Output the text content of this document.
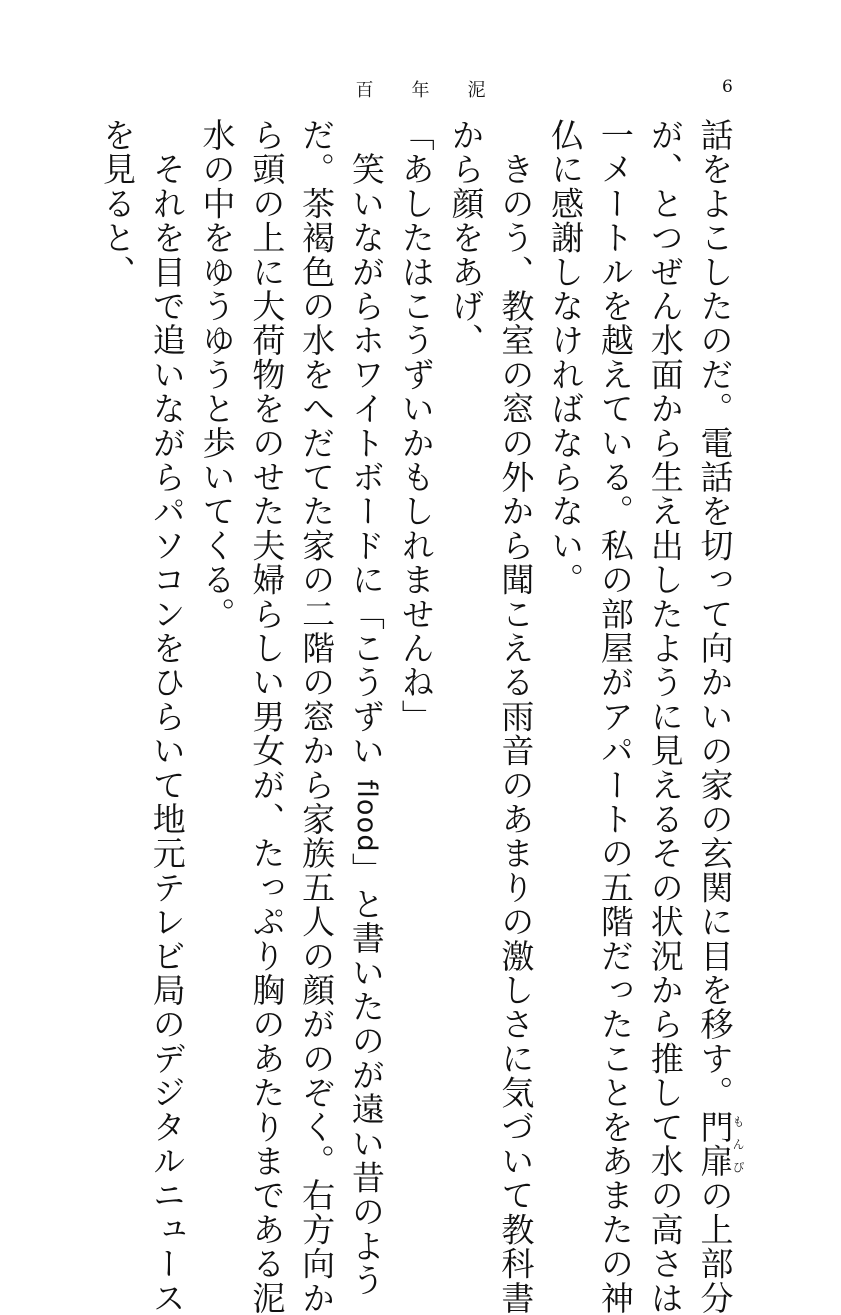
百年泥	6
話をよこしたのだ。電話を切って向かいの家の玄関に目を移す。門扉もんぴの上部分
が、とつぜん水面から生え出したように見えるその状況から推して水の高さは
一メートルを越えている。私の部屋がアパートの五階だったことをあまたの神
仏に感謝しなければならない。
　きのう、教室の窓の外から聞こえる雨音のあまりの激しさに気づいて教科書
から顔をあげ、
「あしたはこうずいかもしれませんね」
　笑いながらホワイトボードに「こうずい flood」と書いたのが遠い昔のよう
だ。茶褐色の水をへだてた家の二階の窓から家族五人の顔がのぞく。右方向か
ら頭の上に大荷物をのせた夫婦らしい男女が、たっぷり胸のあたりまである泥
水の中をゆうゆうと歩いてくる。
　それを目で追いながらパソコンをひらいて地元テレビ局のデジタルニュース
を見ると、
